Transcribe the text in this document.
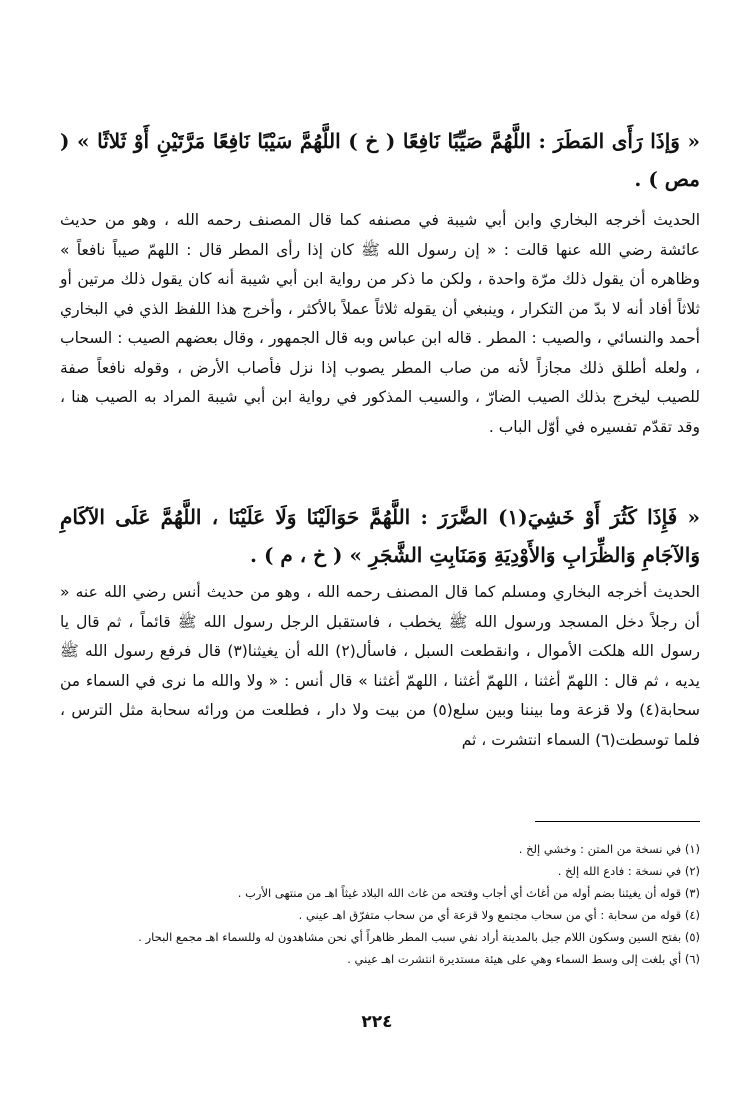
« وَإذَا رَأَى المَطَرَ : اللَّهُمَّ صَيِّبًا نَافِعًا ( خ ) اللَّهُمَّ سَيْبًا نَافِعًا مَرَّتَيْنِ أَوْ ثَلاثًا » ( مص ) .
الحديث أخرجه البخاري وابن أبي شيبة في مصنفه كما قال المصنف رحمه الله ، وهو من حديث عائشة رضي الله عنها قالت : « إن رسول الله ﷺ كان إذا رأى المطر قال : اللهمّ صيباً نافعاً » وظاهره أن يقول ذلك مرّة واحدة ، ولكن ما ذكر من رواية ابن أبي شيبة أنه كان يقول ذلك مرتين أو ثلاثاً أفاد أنه لا بدّ من التكرار ، وينبغي أن يقوله ثلاثاً عملاً بالأكثر ، وأخرج هذا اللفظ الذي في البخاري أحمد والنسائي ، والصيب : المطر . قاله ابن عباس وبه قال الجمهور ، وقال بعضهم الصيب : السحاب ، ولعله أطلق ذلك مجازاً لأنه من صاب المطر يصوب إذا نزل فأصاب الأرض ، وقوله نافعاً صفة للصيب ليخرج بذلك الصيب الضارّ ، والسيب المذكور في رواية ابن أبي شيبة المراد به الصيب هنا ، وقد تقدّم تفسيره في أوّل الباب .
« فَإِذَا كَثُرَ أَوْ خَشِيَ(١) الضَّرَرَ : اللَّهُمَّ حَوَالَيْنَا وَلَا عَلَيْنَا ، اللَّهُمَّ عَلَى الآكَامِ وَالآجَامِ وَالظِّرَابِ وَالأَوْدِيَةِ وَمَنَابِتِ الشَّجَرِ » ( خ ، م ) .
الحديث أخرجه البخاري ومسلم كما قال المصنف رحمه الله ، وهو من حديث أنس رضي الله عنه « أن رجلاً دخل المسجد ورسول الله ﷺ يخطب ، فاستقبل الرجل رسول الله ﷺ قائماً ، ثم قال يا رسول الله هلكت الأموال ، وانقطعت السبل ، فاسأل(٢) الله أن يغيثنا(٣) قال فرفع رسول الله ﷺ يديه ، ثم قال : اللهمّ أغثنا ، اللهمّ أغثنا ، اللهمّ أغثنا » قال أنس : « ولا والله ما نرى في السماء من سحابة(٤) ولا قزعة وما بيننا وبين سلع(٥) من بيت ولا دار ، فطلعت من ورائه سحابة مثل الترس ، فلما توسطت(٦) السماء انتشرت ، ثم
(١) في نسخة من المتن : وخشي إلخ .
(٢) في نسخة : فادع الله إلخ .
(٣) قوله أن يغيثنا بضم أوله من أغاث أي أجاب وفتحه من غاث الله البلاد غيثاً اهـ من منتهى الأرب .
(٤) قوله من سحابة : أي من سحاب مجتمع ولا قزعة أي من سحاب متفرّق اهـ عيني .
(٥) بفتح السين وسكون اللام جبل بالمدينة أراد نفي سبب المطر ظاهراً أي نحن مشاهدون له وللسماء اهـ مجمع البحار .
(٦) أي بلغت إلى وسط السماء وهي على هيئة مستديرة انتشرت اهـ عيني .
٢٢٤
